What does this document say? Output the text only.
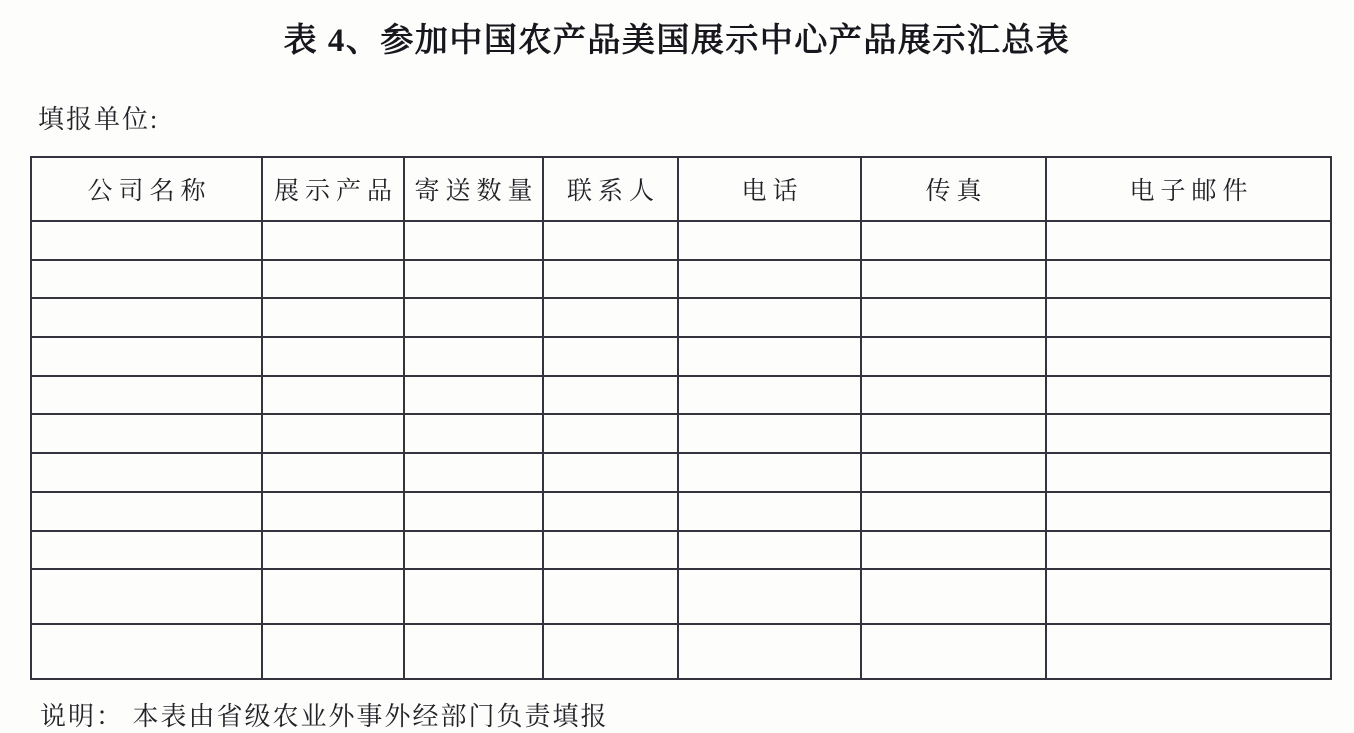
表 4、参加中国农产品美国展示中心产品展示汇总表
填报单位:
公司名称	展示产品	寄送数量	联系人	电话	传真	电子邮件

说明： 本表由省级农业外事外经部门负责填报
